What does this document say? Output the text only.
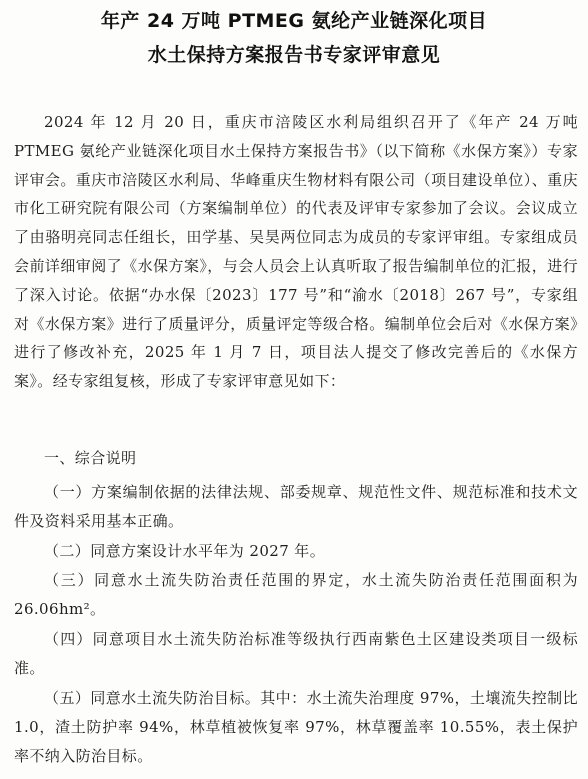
年产 24 万吨 PTMEG 氨纶产业链深化项目
水土保持方案报告书专家评审意见
2024 年 12 月 20 日，重庆市涪陵区水利局组织召开了《年产 24 万吨 PTMEG 氨纶产业链深化项目水土保持方案报告书》（以下简称《水保方案》）专家评审会。重庆市涪陵区水利局、华峰重庆生物材料有限公司（项目建设单位）、重庆市化工研究院有限公司（方案编制单位）的代表及评审专家参加了会议。会议成立了由骆明亮同志任组长，田学基、吴昊两位同志为成员的专家评审组。专家组成员会前详细审阅了《水保方案》，与会人员会上认真听取了报告编制单位的汇报，进行了深入讨论。依据“办水保〔2023〕177 号”和“渝水〔2018〕267 号”，专家组对《水保方案》进行了质量评分，质量评定等级合格。编制单位会后对《水保方案》进行了修改补充，2025 年 1 月 7 日，项目法人提交了修改完善后的《水保方案》。经专家组复核，形成了专家评审意见如下：
一、综合说明
（一）方案编制依据的法律法规、部委规章、规范性文件、规范标准和技术文件及资料采用基本正确。
（二）同意方案设计水平年为 2027 年。
（三）同意水土流失防治责任范围的界定，水土流失防治责任范围面积为 26.06hm²。
（四）同意项目水土流失防治标准等级执行西南紫色土区建设类项目一级标准。
（五）同意水土流失防治目标。其中：水土流失治理度 97%，土壤流失控制比 1.0，渣土防护率 94%，林草植被恢复率 97%，林草覆盖率 10.55%，表土保护率不纳入防治目标。
